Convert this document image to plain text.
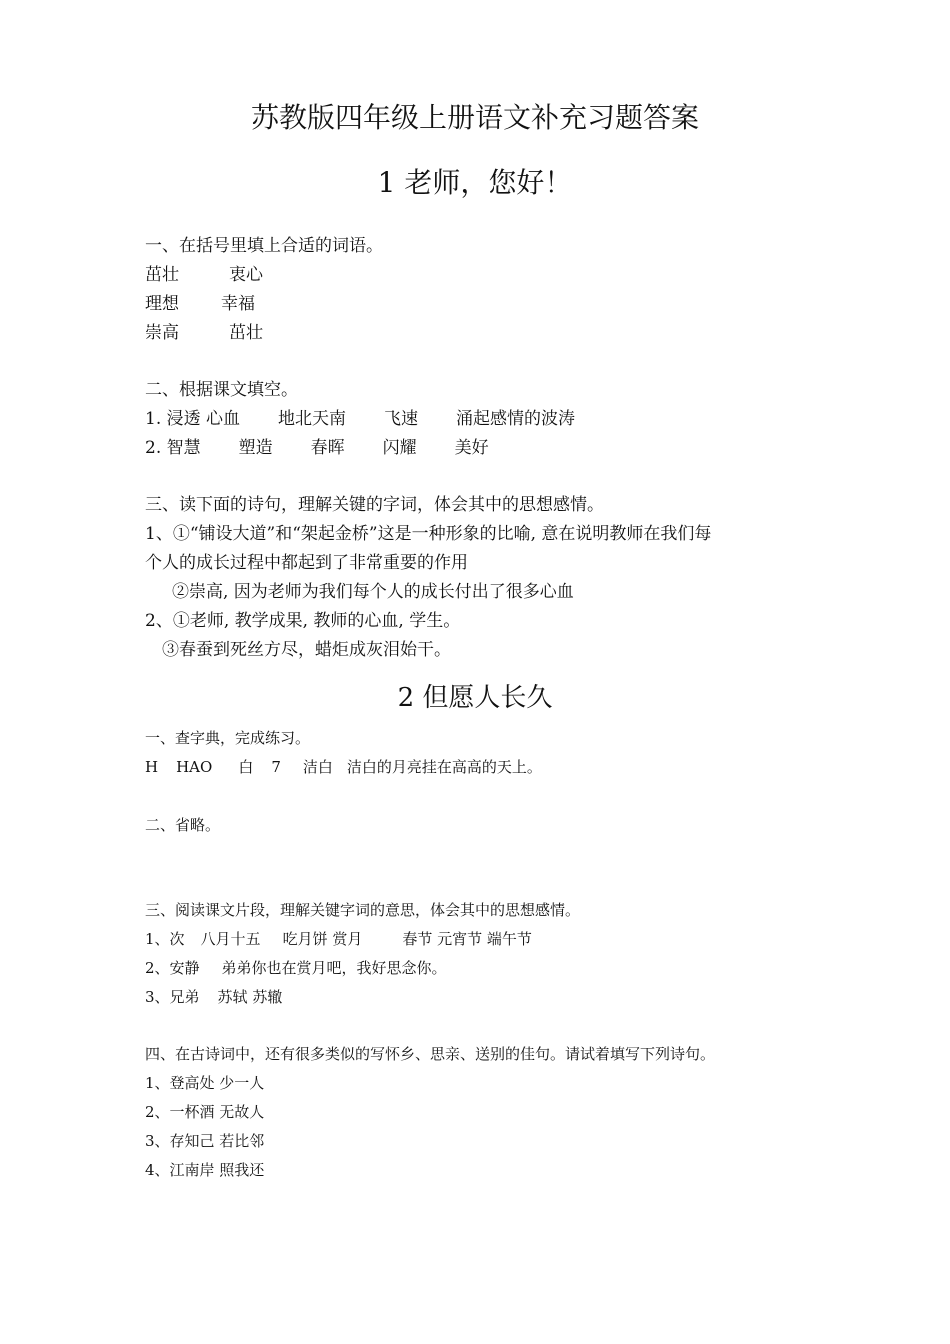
苏教版四年级上册语文补充习题答案
1 老师，您好！
一、在括号里填上合适的词语。
茁壮	衷心
理想 幸福
崇高	茁壮
二、根据课文填空。
1. 浸透 心血 地北天南 飞速 涌起感情的波涛
2. 智慧 塑造 春晖 闪耀 美好
三、读下面的诗句，理解关键的字词，体会其中的思想感情。
1、①“铺设大道”和“架起金桥”这是一种形象的比喻, 意在说明教师在我们每
个人的成长过程中都起到了非常重要的作用
②崇高, 因为老师为我们每个人的成长付出了很多心血
2、①老师, 教学成果, 教师的心血, 学生。
③春蚕到死丝方尽，蜡炬成灰泪始干。
2 但愿人长久
一、查字典，完成练习。
H HAO 白 7 洁白 洁白的月亮挂在高高的天上。
二、省略。
三、阅读课文片段，理解关键字词的意思，体会其中的思想感情。
1、次 八月十五 吃月饼 赏月	春节 元宵节 端午节
2、安静 弟弟你也在赏月吧，我好思念你。
3、兄弟 苏轼 苏辙
四、在古诗词中，还有很多类似的写怀乡、思亲、送别的佳句。请试着填写下列诗句。
1、登高处 少一人
2、一杯酒 无故人
3、存知己 若比邻
4、江南岸 照我还
